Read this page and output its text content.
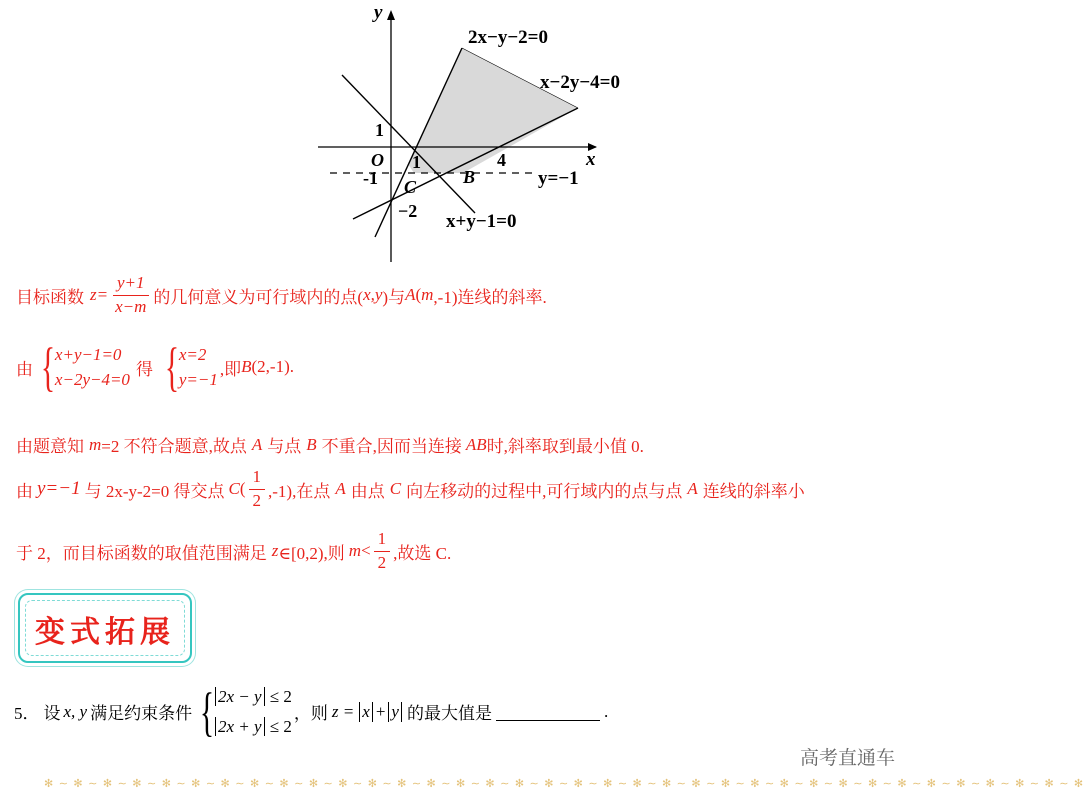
y
x
O
1
1	4
-1
−2
C	B
2x−y−2=0
x−2y−4=0
y=−1
x+y−1=0
目标函数 $z= \frac{y+1}{x-m}$ 的几何意义为可行域内的点( x,y )与 A ( m ,-1)连线的斜率.
由 { x+y−1=0
x−2y−4=0
得 { x=2
y=−1
,即 B (2,-1).
由题意知 m =2 不符合题意,故点 A 与点 B 不重合,因而当连接 AB 时,斜率取到最小值 0.
由 y=−1 与 2x-y-2=0 得交点 C ( $\frac{1}{2} ,-1$),在点 A 由点 C 向左移动的过程中,可行域内的点与点 A 连线的斜率小
于 2，而目标函数的取值范围满足 z ∈[0,2),则 $m < \frac{1}{2}$ ,故选 C.
变式拓展
5． 设 x, y 满足约束条件 { 2x − y ≤ 2
2x + y ≤ 2
，则 z = x + y 的最大值是	.
高考直通车
✻ ∼ ✻ ∼ ✻ ∼ ✻ ∼ ✻ ∼ ✻ ∼ ✻ ∼ ✻ ∼ ✻ ∼ ✻ ∼ ✻ ∼ ✻ ∼ ✻ ∼ ✻ ∼ ✻ ∼ ✻ ∼ ✻ ∼ ✻ ∼ ✻ ∼ ✻ ∼ ✻ ∼ ✻ ∼ ✻ ∼ ✻ ∼ ✻ ∼ ✻ ∼ ✻ ∼ ✻ ∼ ✻ ∼ ✻ ∼ ✻ ∼ ✻ ∼ ✻ ∼ ✻ ∼ ✻ ∼ ✻
